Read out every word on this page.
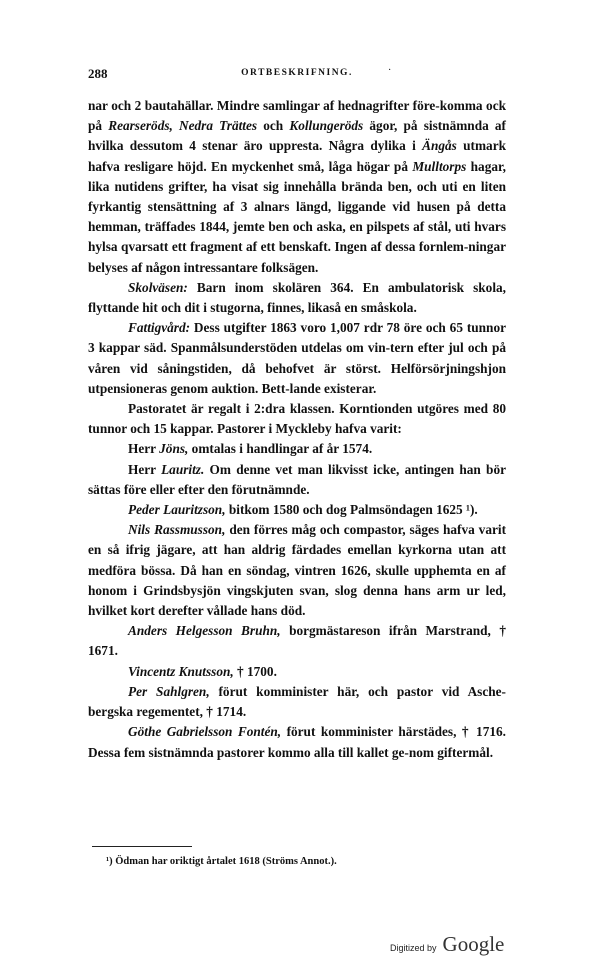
288	ORTBESKRIFNING.	·

nar och 2 bautahällar. Mindre samlingar af hednagrifter före-komma ock på Rearseröds, Nedra Trättes och Kollungeröds ägor, på sistnämnda af hvilka dessutom 4 stenar äro uppresta. Några dylika i Ängås utmark hafva resligare höjd. En myckenhet små, låga högar på Mulltorps hagar, lika nutidens grifter, ha visat sig innehålla brända ben, och uti en liten fyrkantig stensättning af 3 alnars längd, liggande vid husen på detta hemman, träffades 1844, jemte ben och aska, en pilspets af stål, uti hvars hylsa qvarsatt ett fragment af ett benskaft. Ingen af dessa fornlem-ningar belyses af någon intressantare folksägen.

Skolväsen: Barn inom skolären 364. En ambulatorisk skola, flyttande hit och dit i stugorna, finnes, likaså en småskola.

Fattigvård: Dess utgifter 1863 voro 1,007 rdr 78 öre och 65 tunnor 3 kappar säd. Spanmålsunderstöden utdelas om vin-tern efter jul och på våren vid såningstiden, då behofvet är störst. Helförsörjningshjon utpensioneras genom auktion. Bett-lande existerar.

Pastoratet är regalt i 2:dra klassen. Korntionden utgöres med 80 tunnor och 15 kappar. Pastorer i Myckleby hafva varit:

Herr Jöns, omtalas i handlingar af år 1574.

Herr Lauritz. Om denne vet man likvisst icke, antingen han bör sättas före eller efter den förutnämnde.

Peder Lauritzson, bitkom 1580 och dog Palmsöndagen 1625 ¹).

Nils Rassmusson, den förres måg och compastor, säges hafva varit en så ifrig jägare, att han aldrig färdades emellan kyrkorna utan att medföra bössa. Då han en söndag, vintren 1626, skulle upphemta en af honom i Grindsbysjön vingskjuten svan, slog denna hans arm ur led, hvilket kort derefter vållade hans död.

Anders Helgesson Bruhn, borgmästareson ifrån Marstrand, † 1671.

Vincentz Knutsson, † 1700.

Per Sahlgren, förut komminister här, och pastor vid Asche-bergska regementet, † 1714.

Göthe Gabrielsson Fontén, förut komminister härstädes, † 1716. Dessa fem sistnämnda pastorer kommo alla till kallet ge-nom giftermål.

¹) Ödman har oriktigt årtalet 1618 (Ströms Annot.).
Digitized by Google
